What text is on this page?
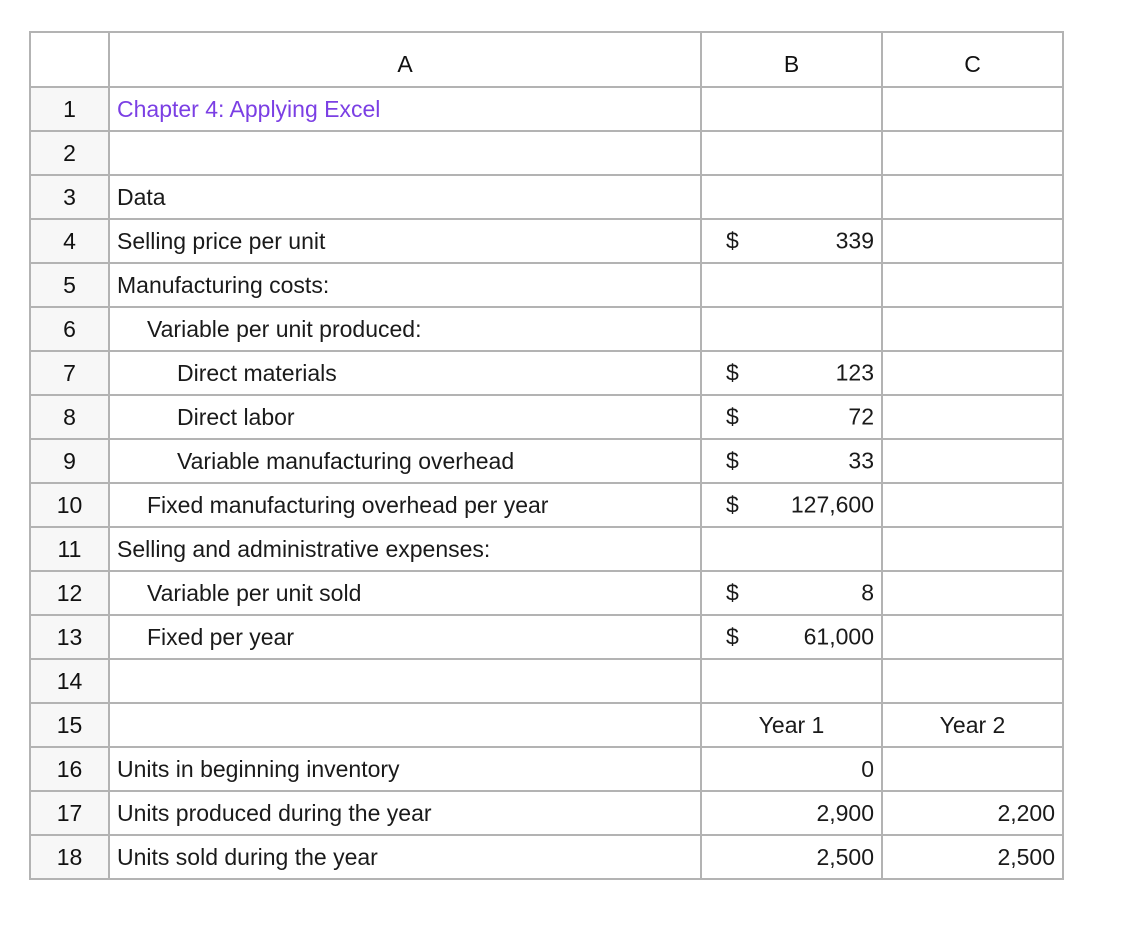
	A	B	C
1	Chapter 4: Applying Excel		
2			
3	Data		
4	Selling price per unit	$ 339	

5	Manufacturing costs:		
6	Variable per unit produced:		
7	Direct materials	$ 123	

8	Direct labor	$ 72	

9	Variable manufacturing overhead	$ 33	

10	Fixed manufacturing overhead per year	$ 127,600	

11	Selling and administrative expenses:		
12	Variable per unit sold	$ 8	

13	Fixed per year	$ 61,000	

14			
15		Year 1	Year 2
16	Units in beginning inventory	0	
17	Units produced during the year	2,900	2,200
18	Units sold during the year	2,500	2,500
